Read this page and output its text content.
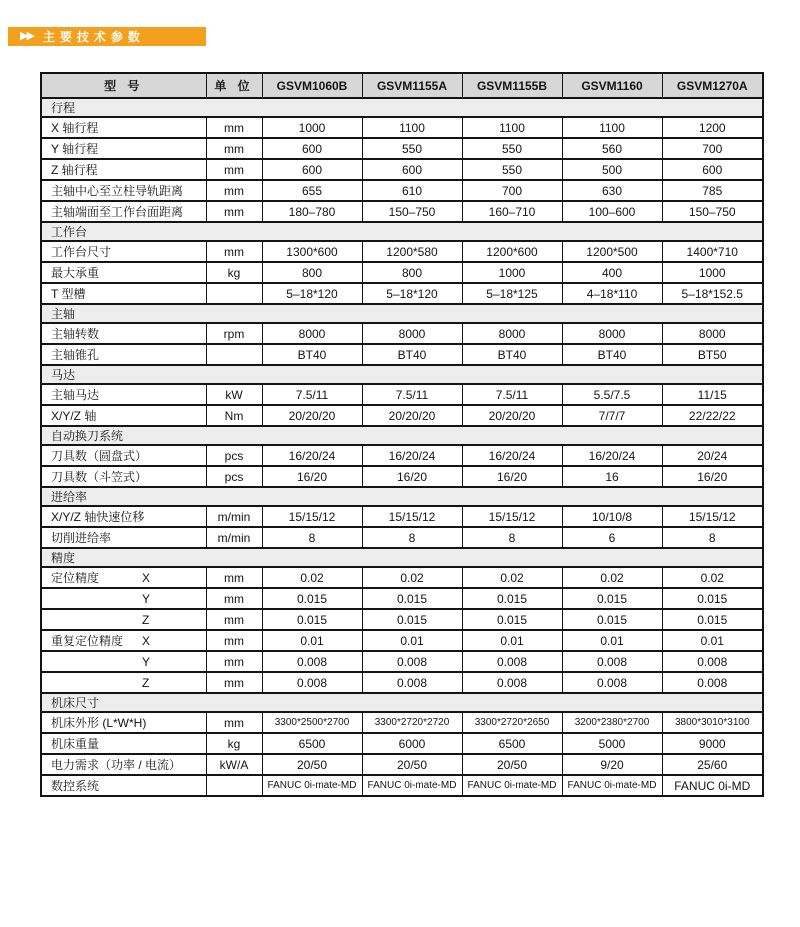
▶▶ 主要技术参数
型 号	单 位	GSVM1060B	GSVM1155A	GSVM1155B	GSVM1160	GSVM1270A
行程						
X 轴行程	mm	1000	1100	1100	1100	1200
Y 轴行程	mm	600	550	550	560	700
Z 轴行程	mm	600	600	550	500	600
主轴中心至立柱导轨距离	mm	655	610	700	630	785
主轴端面至工作台面距离	mm	180–780	150–750	160–710	100–600	150–750
工作台						
工作台尺寸	mm	1300*600	1200*580	1200*600	1200*500	1400*710
最大承重	kg	800	800	1000	400	1000
T 型槽		5–18*120	5–18*120	5–18*125	4–18*110	5–18*152.5
主轴						
主轴转数	rpm	8000	8000	8000	8000	8000
主轴锥孔		BT40	BT40	BT40	BT40	BT50
马达						
主轴马达	kW	7.5/11	7.5/11	7.5/11	5.5/7.5	11/15
X/Y/Z 轴	Nm	20/20/20	20/20/20	20/20/20	7/7/7	22/22/22
自动换刀系统						
刀具数（圆盘式）	pcs	16/20/24	16/20/24	16/20/24	16/20/24	20/24
刀具数（斗笠式）	pcs	16/20	16/20	16/20	16	16/20
进给率						
X/Y/Z 轴快速位移	m/min	15/15/12	15/15/12	15/15/12	10/10/8	15/15/12
切削进给率	m/min	8	8	8	6	8
精度						
定位精度 X	mm	0.02	0.02	0.02	0.02	0.02

Y	mm	0.015	0.015	0.015	0.015	0.015

Z	mm	0.015	0.015	0.015	0.015	0.015
重复定位精度 X	mm	0.01	0.01	0.01	0.01	0.01

Y	mm	0.008	0.008	0.008	0.008	0.008

Z	mm	0.008	0.008	0.008	0.008	0.008
机床尺寸						
机床外形 (L*W*H)	mm	3300*2500*2700	3300*2720*2720	3300*2720*2650	3200*2380*2700	3800*3010*3100
机床重量	kg	6500	6000	6500	5000	9000
电力需求（功率 / 电流）	kW/A	20/50	20/50	20/50	9/20	25/60
数控系统		FANUC 0i-mate-MD	FANUC 0i-mate-MD	FANUC 0i-mate-MD	FANUC 0i-mate-MD	FANUC 0i-MD
